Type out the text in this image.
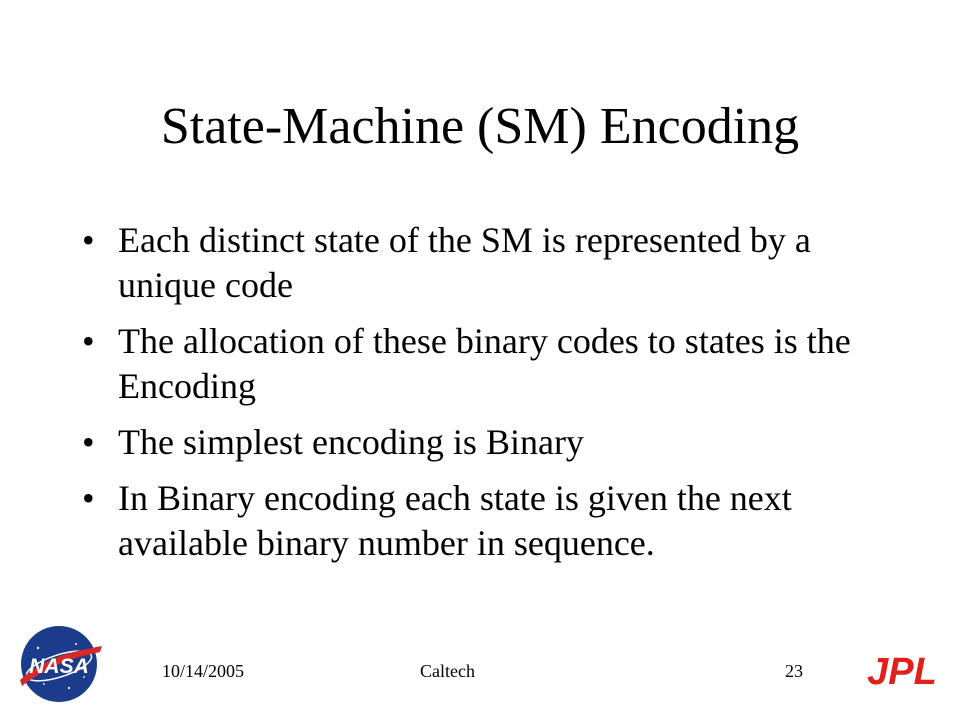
State-Machine (SM) Encoding
• Each distinct state of the SM is represented by a unique code
• The allocation of these binary codes to states is the Encoding
• The simplest encoding is Binary
• In Binary encoding each state is given the next available binary number in sequence.
NASA	JPL
10/14/2005	Caltech	23
